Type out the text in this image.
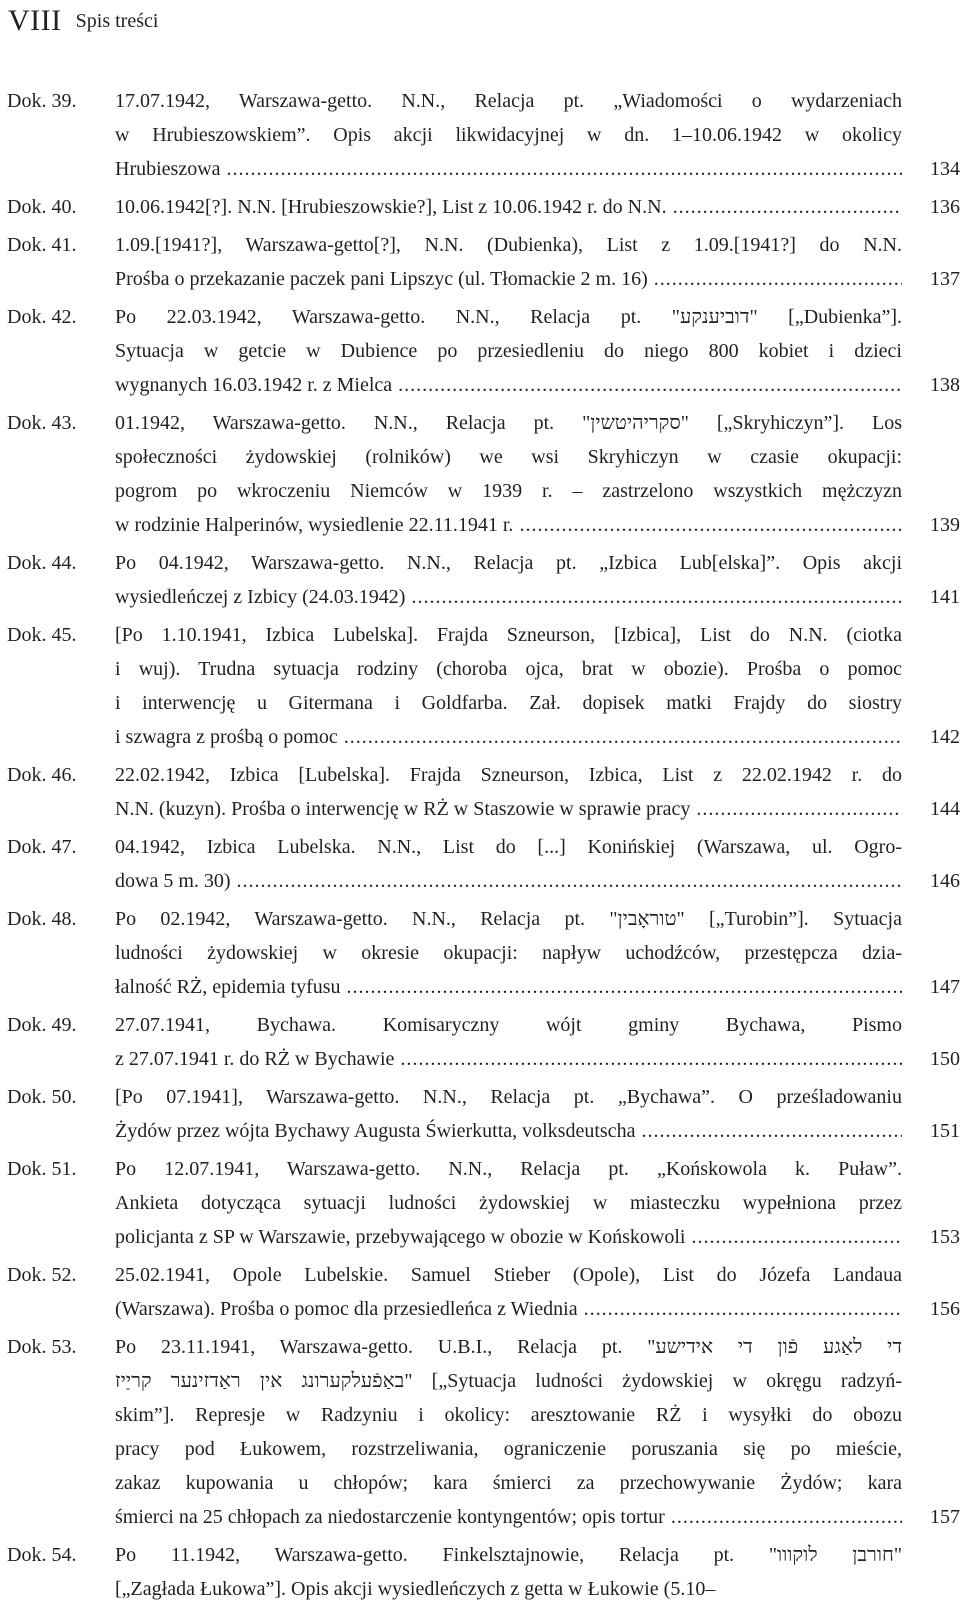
VIII Spis treści
Dok. 39. 17.07.1942, Warszawa-getto. N.N., Relacja pt. „Wiadomości o wydarzeniach
w Hrubieszowskiem”. Opis akcji likwidacyjnej w dn. 1–10.06.1942 w okolicy
Hrubieszowa .....	134
Dok. 40. 10.06.1942[?]. N.N. [Hrubieszowskie?], List z 10.06.1942 r. do N.N. .....	136
Dok. 41. 1.09.[1941?], Warszawa-getto[?], N.N. (Dubienka), List z 1.09.[1941?] do N.N.
Prośba o przekazanie paczek pani Lipszyc (ul. Tłomackie 2 m. 16) .....	137
Dok. 42. Po 22.03.1942, Warszawa-getto. N.N., Relacja pt. "דוביענקע" [„Dubienka”].
Sytuacja w getcie w Dubience po przesiedleniu do niego 800 kobiet i dzieci
wygnanych 16.03.1942 r. z Mielca .....	138
Dok. 43. 01.1942, Warszawa-getto. N.N., Relacja pt. "סקריהיטשין" [„Skryhiczyn”]. Los
społeczności żydowskiej (rolników) we wsi Skryhiczyn w czasie okupacji:
pogrom po wkroczeniu Niemców w 1939 r. – zastrzelono wszystkich mężczyzn
w rodzinie Halperinów, wysiedlenie 22.11.1941 r. .....	139
Dok. 44. Po 04.1942, Warszawa-getto. N.N., Relacja pt. „Izbica Lub[elska]”. Opis akcji
wysiedleńczej z Izbicy (24.03.1942) .....	141
Dok. 45. [Po 1.10.1941, Izbica Lubelska]. Frajda Szneurson, [Izbica], List do N.N. (ciotka
i wuj). Trudna sytuacja rodziny (choroba ojca, brat w obozie). Prośba o pomoc
i interwencję u Gitermana i Goldfarba. Zał. dopisek matki Frajdy do siostry
i szwagra z prośbą o pomoc .....	142
Dok. 46. 22.02.1942, Izbica [Lubelska]. Frajda Szneurson, Izbica, List z 22.02.1942 r. do
N.N. (kuzyn). Prośba o interwencję w RŻ w Staszowie w sprawie pracy .....	144
Dok. 47. 04.1942, Izbica Lubelska. N.N., List do [...] Konińskiej (Warszawa, ul. Ogro-
dowa 5 m. 30) .....	146
Dok. 48. Po 02.1942, Warszawa-getto. N.N., Relacja pt. "טוראָבין" [„Turobin”]. Sytuacja
ludności żydowskiej w okresie okupacji: napływ uchodźców, przestępcza dzia-
łalność RŻ, epidemia tyfusu .....	147
Dok. 49. 27.07.1941, Bychawa. Komisaryczny wójt gminy Bychawa, Pismo
z 27.07.1941 r. do RŻ w Bychawie .....	150
Dok. 50. [Po 07.1941], Warszawa-getto. N.N., Relacja pt. „Bychawa”. O prześladowaniu
Żydów przez wójta Bychawy Augusta Świerkutta, volksdeutscha .....	151
Dok. 51. Po 12.07.1941, Warszawa-getto. N.N., Relacja pt. „Końskowola k. Puław”.
Ankieta dotycząca sytuacji ludności żydowskiej w miasteczku wypełniona przez
policjanta z SP w Warszawie, przebywającego w obozie w Końskowoli .....	153
Dok. 52. 25.02.1941, Opole Lubelskie. Samuel Stieber (Opole), List do Józefa Landaua
(Warszawa). Prośba o pomoc dla przesiedleńca z Wiednia .....	156
Dok. 53. Po 23.11.1941, Warszawa-getto. U.B.I., Relacja pt. "די לאַגע פֿון די אידישע
באַפֿעלקערונג אין ראַדזינער קריַיז" [„Sytuacja ludności żydowskiej w okręgu radzyń-
skim”]. Represje w Radzyniu i okolicy: aresztowanie RŻ i wysyłki do obozu
pracy pod Łukowem, rozstrzeliwania, ograniczenie poruszania się po mieście,
zakaz kupowania u chłopów; kara śmierci za przechowywanie Żydów; kara
śmierci na 25 chłopach za niedostarczenie kontyngentów; opis tortur .....	157
Dok. 54. Po 11.1942, Warszawa-getto. Finkelsztajnowie, Relacja pt. "חורבן לוקווו"
[„Zagłada Łukowa”]. Opis akcji wysiedleńczych z getta w Łukowie (5.10–
